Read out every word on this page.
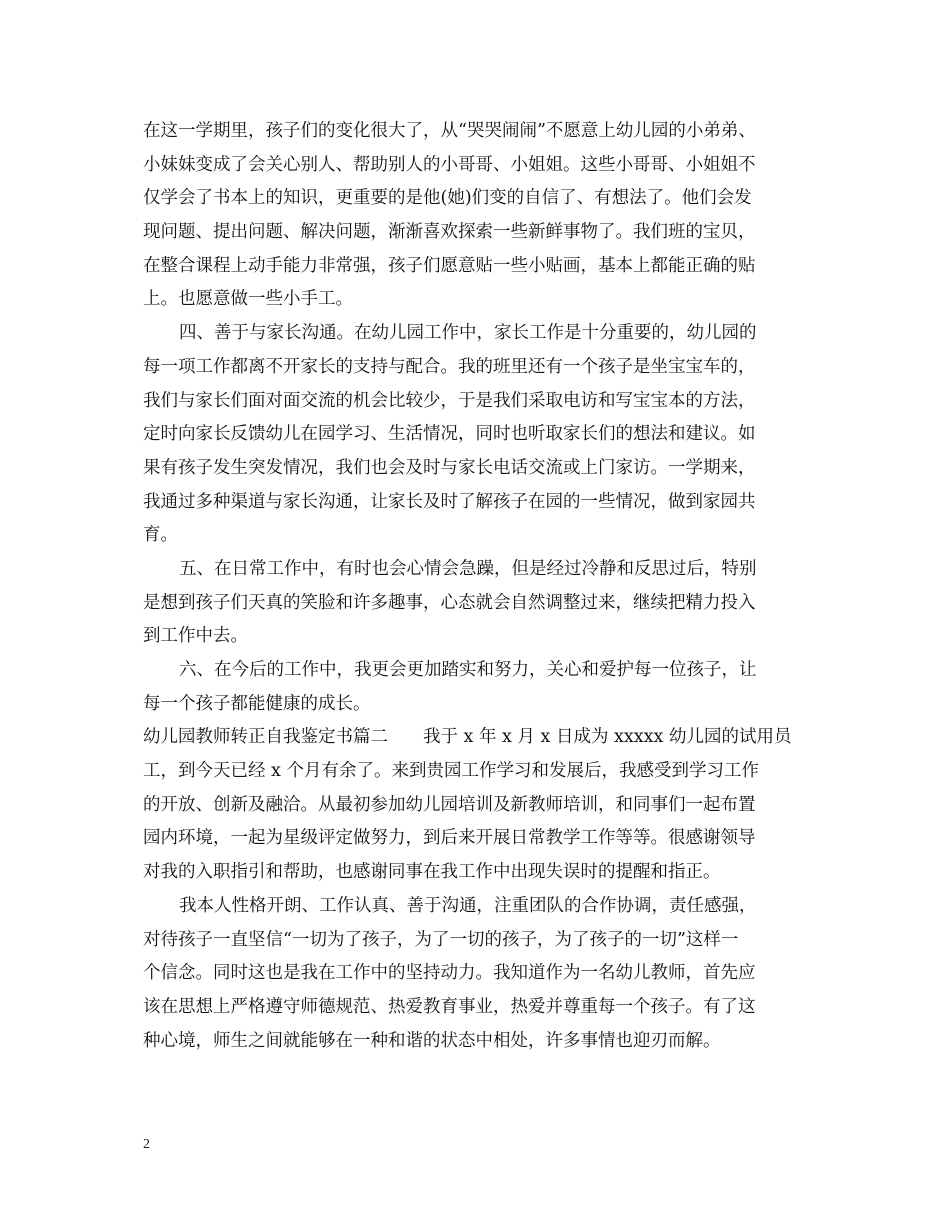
在这一学期里，孩子们的变化很大了，从“哭哭闹闹”不愿意上幼儿园的小弟弟、
小妹妹变成了会关心别人、帮助别人的小哥哥、小姐姐。这些小哥哥、小姐姐不
仅学会了书本上的知识，更重要的是他(她)们变的自信了、有想法了。他们会发
现问题、提出问题、解决问题，渐渐喜欢探索一些新鲜事物了。我们班的宝贝，
在整合课程上动手能力非常强，孩子们愿意贴一些小贴画，基本上都能正确的贴
上。也愿意做一些小手工。
四、善于与家长沟通。在幼儿园工作中，家长工作是十分重要的，幼儿园的
每一项工作都离不开家长的支持与配合。我的班里还有一个孩子是坐宝宝车的，
我们与家长们面对面交流的机会比较少，于是我们采取电访和写宝宝本的方法，
定时向家长反馈幼儿在园学习、生活情况，同时也听取家长们的想法和建议。如
果有孩子发生突发情况，我们也会及时与家长电话交流或上门家访。一学期来，
我通过多种渠道与家长沟通，让家长及时了解孩子在园的一些情况，做到家园共
育。
五、在日常工作中，有时也会心情会急躁，但是经过冷静和反思过后，特别
是想到孩子们天真的笑脸和许多趣事，心态就会自然调整过来，继续把精力投入
到工作中去。
六、在今后的工作中，我更会更加踏实和努力，关心和爱护每一位孩子，让
每一个孩子都能健康的成长。
幼儿园教师转正自我鉴定书篇二　　我于 x 年 x 月 x 日成为 xxxxx 幼儿园的试用员
工，到今天已经 x 个月有余了。来到贵园工作学习和发展后，我感受到学习工作
的开放、创新及融洽。从最初参加幼儿园培训及新教师培训，和同事们一起布置
园内环境，一起为星级评定做努力，到后来开展日常教学工作等等。很感谢领导
对我的入职指引和帮助，也感谢同事在我工作中出现失误时的提醒和指正。
我本人性格开朗、工作认真、善于沟通，注重团队的合作协调，责任感强，
对待孩子一直坚信“一切为了孩子，为了一切的孩子，为了孩子的一切”这样一
个信念。同时这也是我在工作中的坚持动力。我知道作为一名幼儿教师，首先应
该在思想上严格遵守师德规范、热爱教育事业，热爱并尊重每一个孩子。有了这
种心境，师生之间就能够在一种和谐的状态中相处，许多事情也迎刃而解。
2
